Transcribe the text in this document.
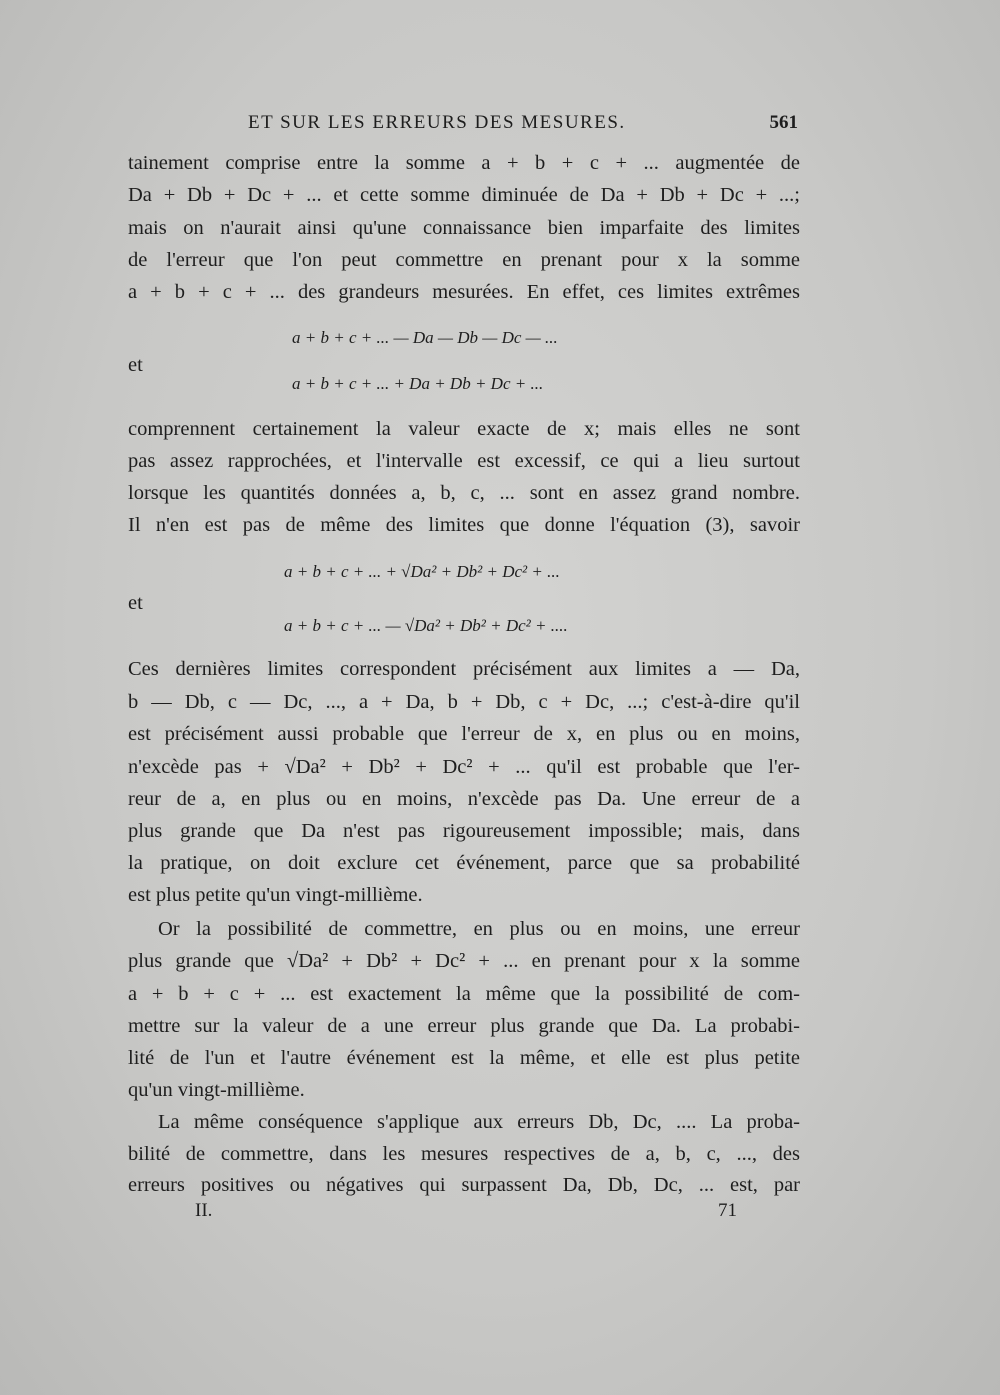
ET SUR LES ERREURS DES MESURES.	561
tainement comprise entre la somme a + b + c + ... augmentée de
Da + Db + Dc + ... et cette somme diminuée de Da + Db + Dc + ...;
mais on n'aurait ainsi qu'une connaissance bien imparfaite des limites
de l'erreur que l'on peut commettre en prenant pour x la somme
a + b + c + ... des grandeurs mesurées. En effet, ces limites extrêmes
a + b + c + ... — Da — Db — Dc — ...
et
a + b + c + ... + Da + Db + Dc + ...
comprennent certainement la valeur exacte de x; mais elles ne sont
pas assez rapprochées, et l'intervalle est excessif, ce qui a lieu surtout
lorsque les quantités données a, b, c, ... sont en assez grand nombre.
Il n'en est pas de même des limites que donne l'équation (3), savoir
a + b + c + ... + √Da² + Db² + Dc² + ...
et
a + b + c + ... — √Da² + Db² + Dc² + ....
Ces dernières limites correspondent précisément aux limites a — Da,
b — Db, c — Dc, ..., a + Da, b + Db, c + Dc, ...; c'est-à-dire qu'il
est précisément aussi probable que l'erreur de x, en plus ou en moins,
n'excède pas + √Da² + Db² + Dc² + ... qu'il est probable que l'er-
reur de a, en plus ou en moins, n'excède pas Da. Une erreur de a
plus grande que Da n'est pas rigoureusement impossible; mais, dans
la pratique, on doit exclure cet événement, parce que sa probabilité
est plus petite qu'un vingt-millième.
Or la possibilité de commettre, en plus ou en moins, une erreur
plus grande que √Da² + Db² + Dc² + ... en prenant pour x la somme
a + b + c + ... est exactement la même que la possibilité de com-
mettre sur la valeur de a une erreur plus grande que Da. La probabi-
lité de l'un et l'autre événement est la même, et elle est plus petite
qu'un vingt-millième.
La même conséquence s'applique aux erreurs Db, Dc, .... La proba-
bilité de commettre, dans les mesures respectives de a, b, c, ..., des
erreurs positives ou négatives qui surpassent Da, Db, Dc, ... est, par
II.	71
